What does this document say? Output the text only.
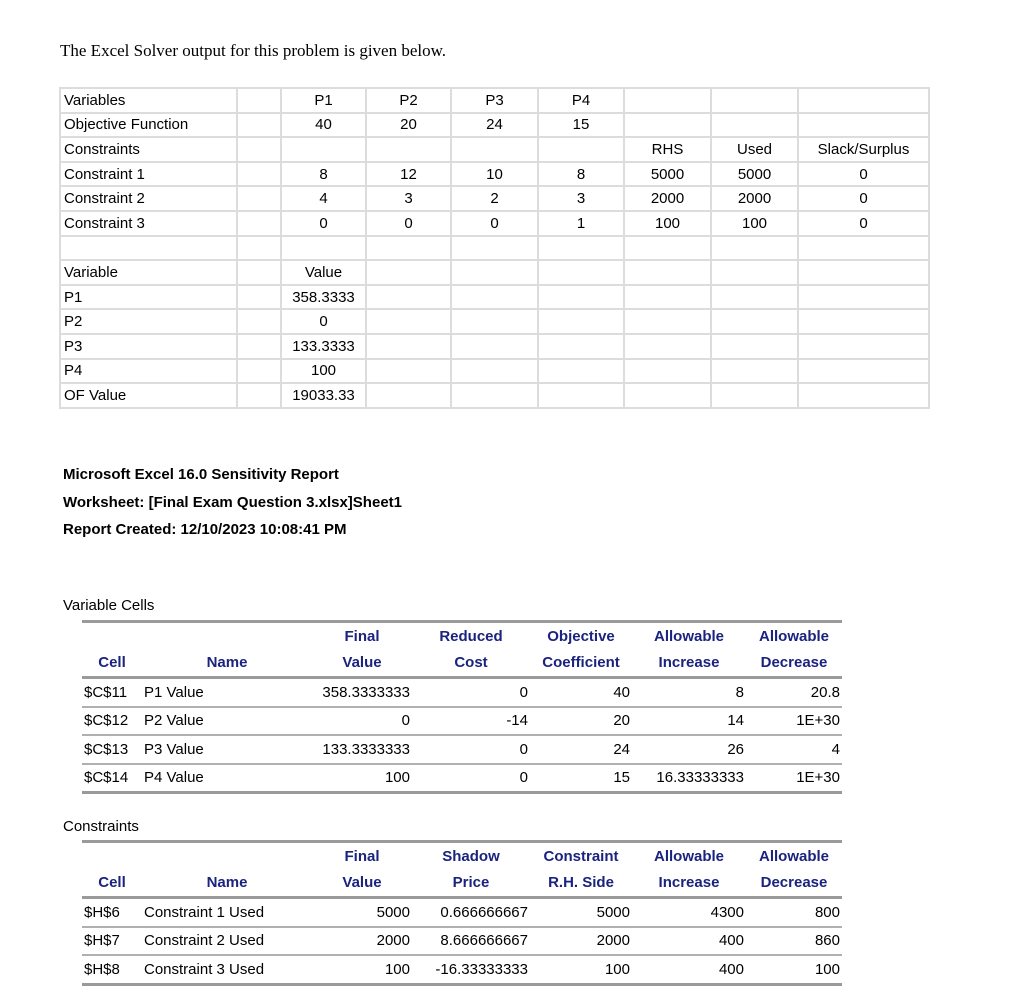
The Excel Solver output for this problem is given below.
Variables		P1	P2	P3	P4			
Objective Function		40	20	24	15			
Constraints						RHS	Used	Slack/Surplus
Constraint 1		8	12	10	8	5000	5000	0
Constraint 2		4	3	2	3	2000	2000	0
Constraint 3		0	0	0	1	100	100	0

Variable		Value						
P1		358.3333						
P2		0						
P3		133.3333						
P4		100						
OF Value		19033.33						
Microsoft Excel 16.0 Sensitivity Report
Worksheet: [Final Exam Question 3.xlsx]Sheet1
Report Created: 12/10/2023 10:08:41 PM
Variable Cells
		Final	Reduced	Objective	Allowable	Allowable
Cell	Name	Value	Cost	Coefficient	Increase	Decrease
$C$11	P1 Value	358.3333333	0	40	8	20.8
$C$12	P2 Value	0	-14	20	14	1E+30
$C$13	P3 Value	133.3333333	0	24	26	4
$C$14	P4 Value	100	0	15	16.33333333	1E+30
Constraints
		Final	Shadow	Constraint	Allowable	Allowable
Cell	Name	Value	Price	R.H. Side	Increase	Decrease
$H$6	Constraint 1 Used	5000	0.666666667	5000	4300	800
$H$7	Constraint 2 Used	2000	8.666666667	2000	400	860
$H$8	Constraint 3 Used	100	-16.33333333	100	400	100
